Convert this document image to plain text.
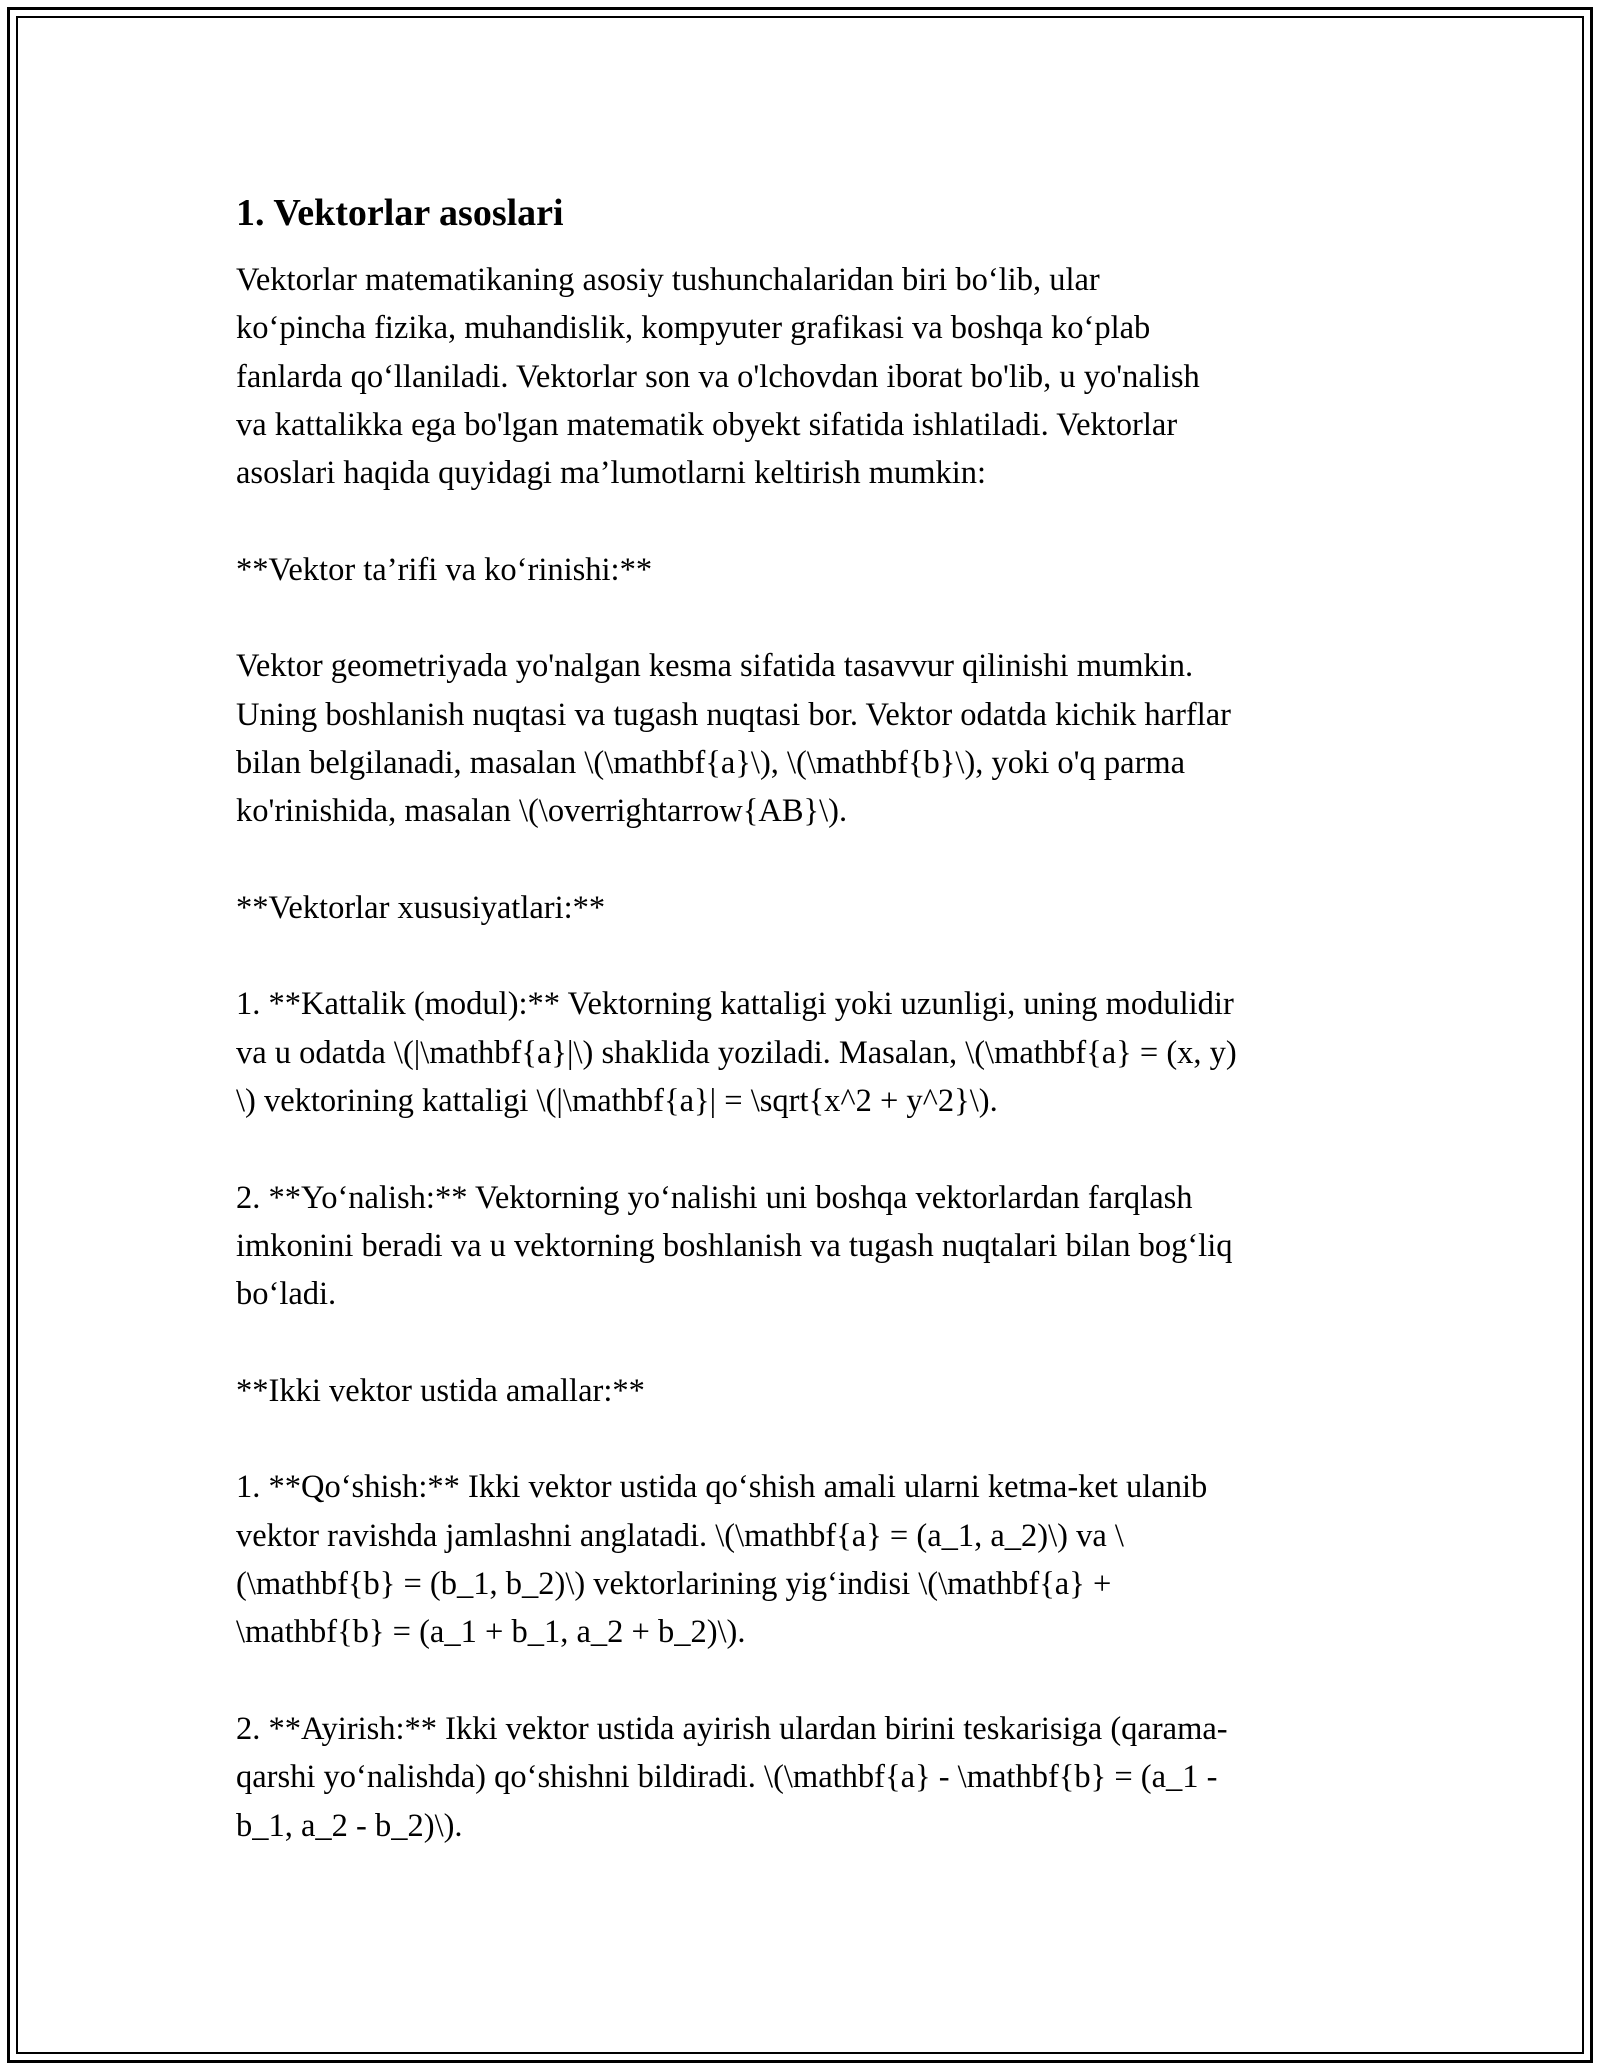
1. Vektorlar asoslari

Vektorlar matematikaning asosiy tushunchalaridan biri bo‘lib, ular
ko‘pincha fizika, muhandislik, kompyuter grafikasi va boshqa ko‘plab
fanlarda qo‘llaniladi. Vektorlar son va o'lchovdan iborat bo'lib, u yo'nalish
va kattalikka ega bo'lgan matematik obyekt sifatida ishlatiladi. Vektorlar
asoslari haqida quyidagi ma’lumotlarni keltirish mumkin:

**Vektor ta’rifi va ko‘rinishi:**

Vektor geometriyada yo'nalgan kesma sifatida tasavvur qilinishi mumkin.
Uning boshlanish nuqtasi va tugash nuqtasi bor. Vektor odatda kichik harflar
bilan belgilanadi, masalan \(\mathbf{a}\), \(\mathbf{b}\), yoki o'q parma
ko'rinishida, masalan \(\overrightarrow{AB}\).

**Vektorlar xususiyatlari:**

1. **Kattalik (modul):** Vektorning kattaligi yoki uzunligi, uning modulidir
va u odatda \(|\mathbf{a}|\) shaklida yoziladi. Masalan, \(\mathbf{a} = (x, y)
\) vektorining kattaligi \(|\mathbf{a}| = \sqrt{x^2 + y^2}\).

2. **Yo‘nalish:** Vektorning yo‘nalishi uni boshqa vektorlardan farqlash
imkonini beradi va u vektorning boshlanish va tugash nuqtalari bilan bog‘liq
bo‘ladi.

**Ikki vektor ustida amallar:**

1. **Qo‘shish:** Ikki vektor ustida qo‘shish amali ularni ketma-ket ulanib
vektor ravishda jamlashni anglatadi. \(\mathbf{a} = (a_1, a_2)\) va \
(\mathbf{b} = (b_1, b_2)\) vektorlarining yig‘indisi \(\mathbf{a} +
\mathbf{b} = (a_1 + b_1, a_2 + b_2)\).

2. **Ayirish:** Ikki vektor ustida ayirish ulardan birini teskarisiga (qarama-
qarshi yo‘nalishda) qo‘shishni bildiradi. \(\mathbf{a} - \mathbf{b} = (a_1 -
b_1, a_2 - b_2)\).
